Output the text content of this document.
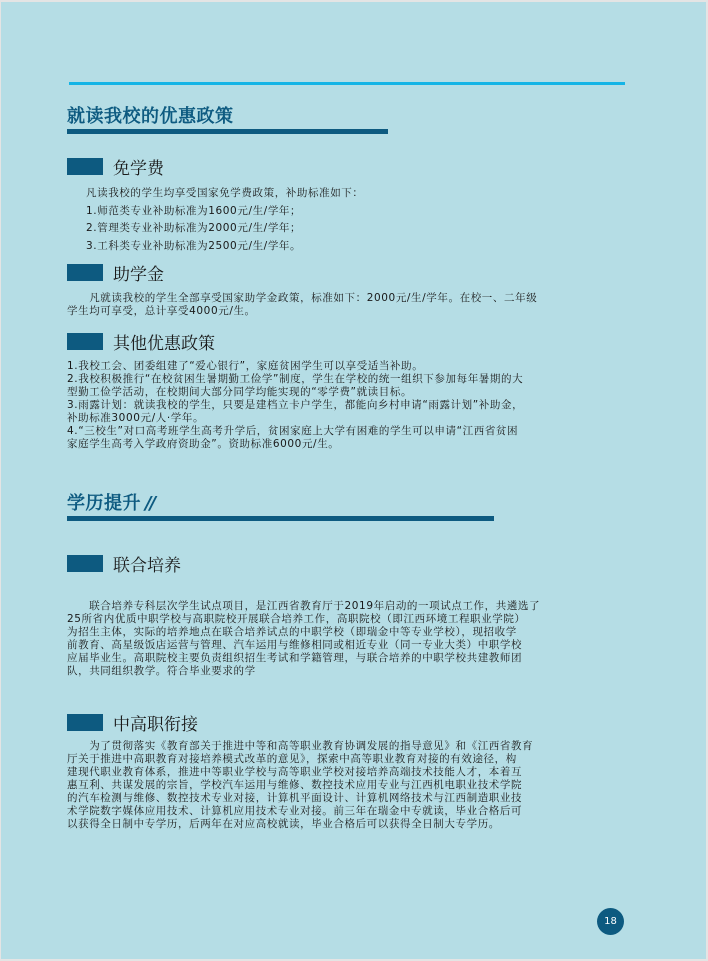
就读我校的优惠政策
免学费
凡读我校的学生均享受国家免学费政策，补助标准如下：
1.师范类专业补助标准为1600元/生/学年；
2.管理类专业补助标准为2000元/生/学年；
3.工科类专业补助标准为2500元/生/学年。
助学金
　　凡就读我校的学生全部享受国家助学金政策，标准如下：2000元/生/学年。在校一、二年级
学生均可享受，总计享受4000元/生。
其他优惠政策
1.我校工会、团委组建了“爱心银行”，家庭贫困学生可以享受适当补助。
2.我校积极推行“在校贫困生暑期勤工俭学”制度，学生在学校的统一组织下参加每年暑期的大
型勤工俭学活动，在校期间大部分同学均能实现的“零学费”就读目标。
3.雨露计划：就读我校的学生，只要是建档立卡户学生，都能向乡村申请“雨露计划”补助金，
补助标准3000元/人·学年。
4.“三校生”对口高考班学生高考升学后，贫困家庭上大学有困难的学生可以申请“江西省贫困
家庭学生高考入学政府资助金”。资助标准6000元/生。
学历提升 //
联合培养
　　联合培养专科层次学生试点项目，是江西省教育厅于2019年启动的一项试点工作，共遴选了
25所省内优质中职学校与高职院校开展联合培养工作，高职院校（即江西环境工程职业学院）
为招生主体，实际的培养地点在联合培养试点的中职学校（即瑞金中等专业学校），现招收学
前教育、高星级饭店运营与管理、汽车运用与维修相同或相近专业（同一专业大类）中职学校
应届毕业生。高职院校主要负责组织招生考试和学籍管理，与联合培养的中职学校共建教师团
队，共同组织教学。符合毕业要求的学
中高职衔接
　　为了贯彻落实《教育部关于推进中等和高等职业教育协调发展的指导意见》和《江西省教育
厅关于推进中高职教育对接培养模式改革的意见》，探索中高等职业教育对接的有效途径，构
建现代职业教育体系，推进中等职业学校与高等职业学校对接培养高端技术技能人才，本着互
惠互利、共谋发展的宗旨，学校汽车运用与维修、数控技术应用专业与江西机电职业技术学院
的汽车检测与维修、数控技术专业对接，计算机平面设计、计算机网络技术与江西制造职业技
术学院数字媒体应用技术、计算机应用技术专业对接。前三年在瑞金中专就读，毕业合格后可
以获得全日制中专学历，后两年在对应高校就读，毕业合格后可以获得全日制大专学历。
18
